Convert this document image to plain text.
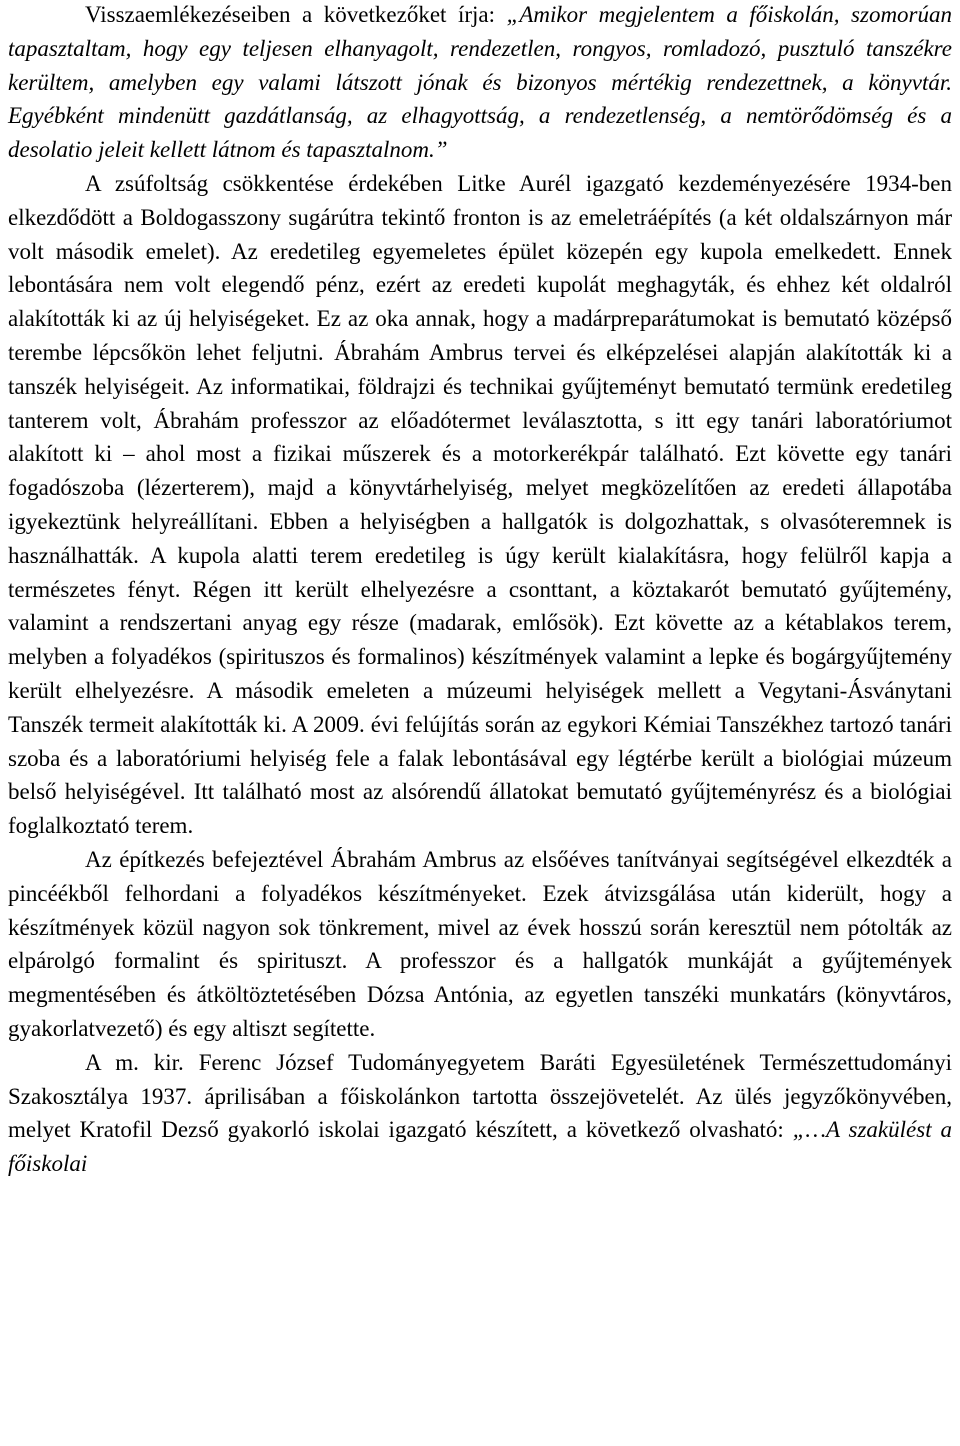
Visszaemlékezéseiben a következőket írja: „Amikor megjelentem a főiskolán, szomorúan tapasztaltam, hogy egy teljesen elhanyagolt, rendezetlen, rongyos, romladozó, pusztuló tanszékre kerültem, amelyben egy valami látszott jónak és bizonyos mértékig rendezettnek, a könyvtár. Egyébként mindenütt gazdátlanság, az elhagyottság, a rendezetlenség, a nemtörődömség és a desolatio jeleit kellett látnom és tapasztalnom.”

A zsúfoltság csökkentése érdekében Litke Aurél igazgató kezdeményezésére 1934-ben elkezdődött a Boldogasszony sugárútra tekintő fronton is az emeletráépítés (a két oldalszárnyon már volt második emelet). Az eredetileg egyemeletes épület közepén egy kupola emelkedett. Ennek lebontására nem volt elegendő pénz, ezért az eredeti kupolát meghagyták, és ehhez két oldalról alakították ki az új helyiségeket. Ez az oka annak, hogy a madárpreparátumokat is bemutató középső terembe lépcsőkön lehet feljutni. Ábrahám Ambrus tervei és elképzelései alapján alakították ki a tanszék helyiségeit. Az informatikai, földrajzi és technikai gyűjteményt bemutató termünk eredetileg tanterem volt, Ábrahám professzor az előadótermet leválasztotta, s itt egy tanári laboratóriumot alakított ki – ahol most a fizikai műszerek és a motorkerékpár található. Ezt követte egy tanári fogadószoba (lézerterem), majd a könyvtárhelyiség, melyet megközelítően az eredeti állapotába igyekeztünk helyreállítani. Ebben a helyiségben a hallgatók is dolgozhattak, s olvasóteremnek is használhatták. A kupola alatti terem eredetileg is úgy került kialakításra, hogy felülről kapja a természetes fényt. Régen itt került elhelyezésre a csonttant, a köztakarót bemutató gyűjtemény, valamint a rendszertani anyag egy része (madarak, emlősök). Ezt követte az a kétablakos terem, melyben a folyadékos (spirituszos és formalinos) készítmények valamint a lepke és bogárgyűjtemény került elhelyezésre. A második emeleten a múzeumi helyiségek mellett a Vegytani-Ásványtani Tanszék termeit alakították ki. A 2009. évi felújítás során az egykori Kémiai Tanszékhez tartozó tanári szoba és a laboratóriumi helyiség fele a falak lebontásával egy légtérbe került a biológiai múzeum belső helyiségével. Itt található most az alsórendű állatokat bemutató gyűjteményrész és a biológiai foglalkoztató terem.

Az építkezés befejeztével Ábrahám Ambrus az elsőéves tanítványai segítségével elkezdték a pincéékből felhordani a folyadékos készítményeket. Ezek átvizsgálása után kiderült, hogy a készítmények közül nagyon sok tönkrement, mivel az évek hosszú során keresztül nem pótolták az elpárolgó formalint és spirituszt. A professzor és a hallgatók munkáját a gyűjtemények megmentésében és átköltöztetésében Dózsa Antónia, az egyetlen tanszéki munkatárs (könyvtáros, gyakorlatvezető) és egy altiszt segítette.

A m. kir. Ferenc József Tudományegyetem Baráti Egyesületének Természettudományi Szakosztálya 1937. áprilisában a főiskolánkon tartotta összejövetelét. Az ülés jegyzőkönyvében, melyet Kratofil Dezső gyakorló iskolai igazgató készített, a következő olvasható: „…A szakülést a főiskolai
